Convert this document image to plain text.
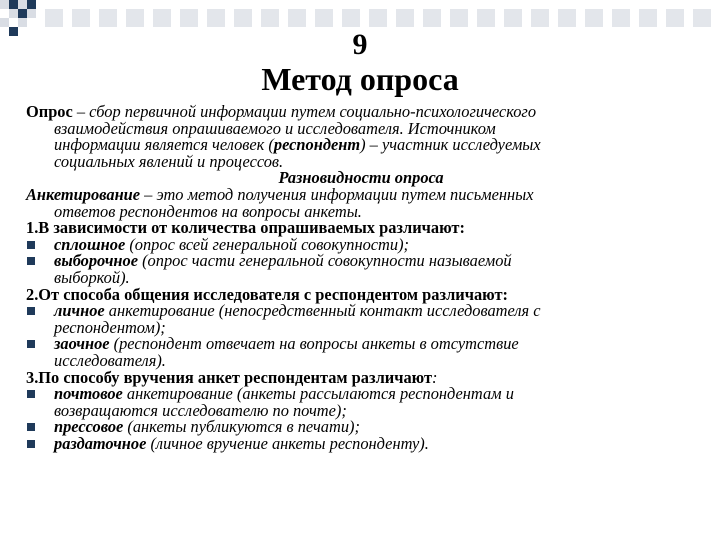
9
Метод опроса
Опрос – сбор первичной информации путем социально-психологического
взаимодействия опрашиваемого и исследователя. Источником
информации является человек (респондент) – участник исследуемых
социальных явлений и процессов.
Разновидности опроса
Анкетирование – это метод получения информации путем письменных
ответов респондентов на вопросы анкеты.
1.В зависимости от количества опрашиваемых различают:
сплошное (опрос всей генеральной совокупности);
выборочное (опрос части генеральной совокупности называемой
выборкой).
2.От способа общения исследователя с респондентом различают:
личное анкетирование (непосредственный контакт исследователя с
респондентом);
заочное (респондент отвечает на вопросы анкеты в отсутствие
исследователя).
3.По способу вручения анкет респондентам различают:
почтовое анкетирование (анкеты рассылаются респондентам и
возвращаются исследователю по почте);
прессовое (анкеты публикуются в печати);
раздаточное (личное вручение анкеты респонденту).
